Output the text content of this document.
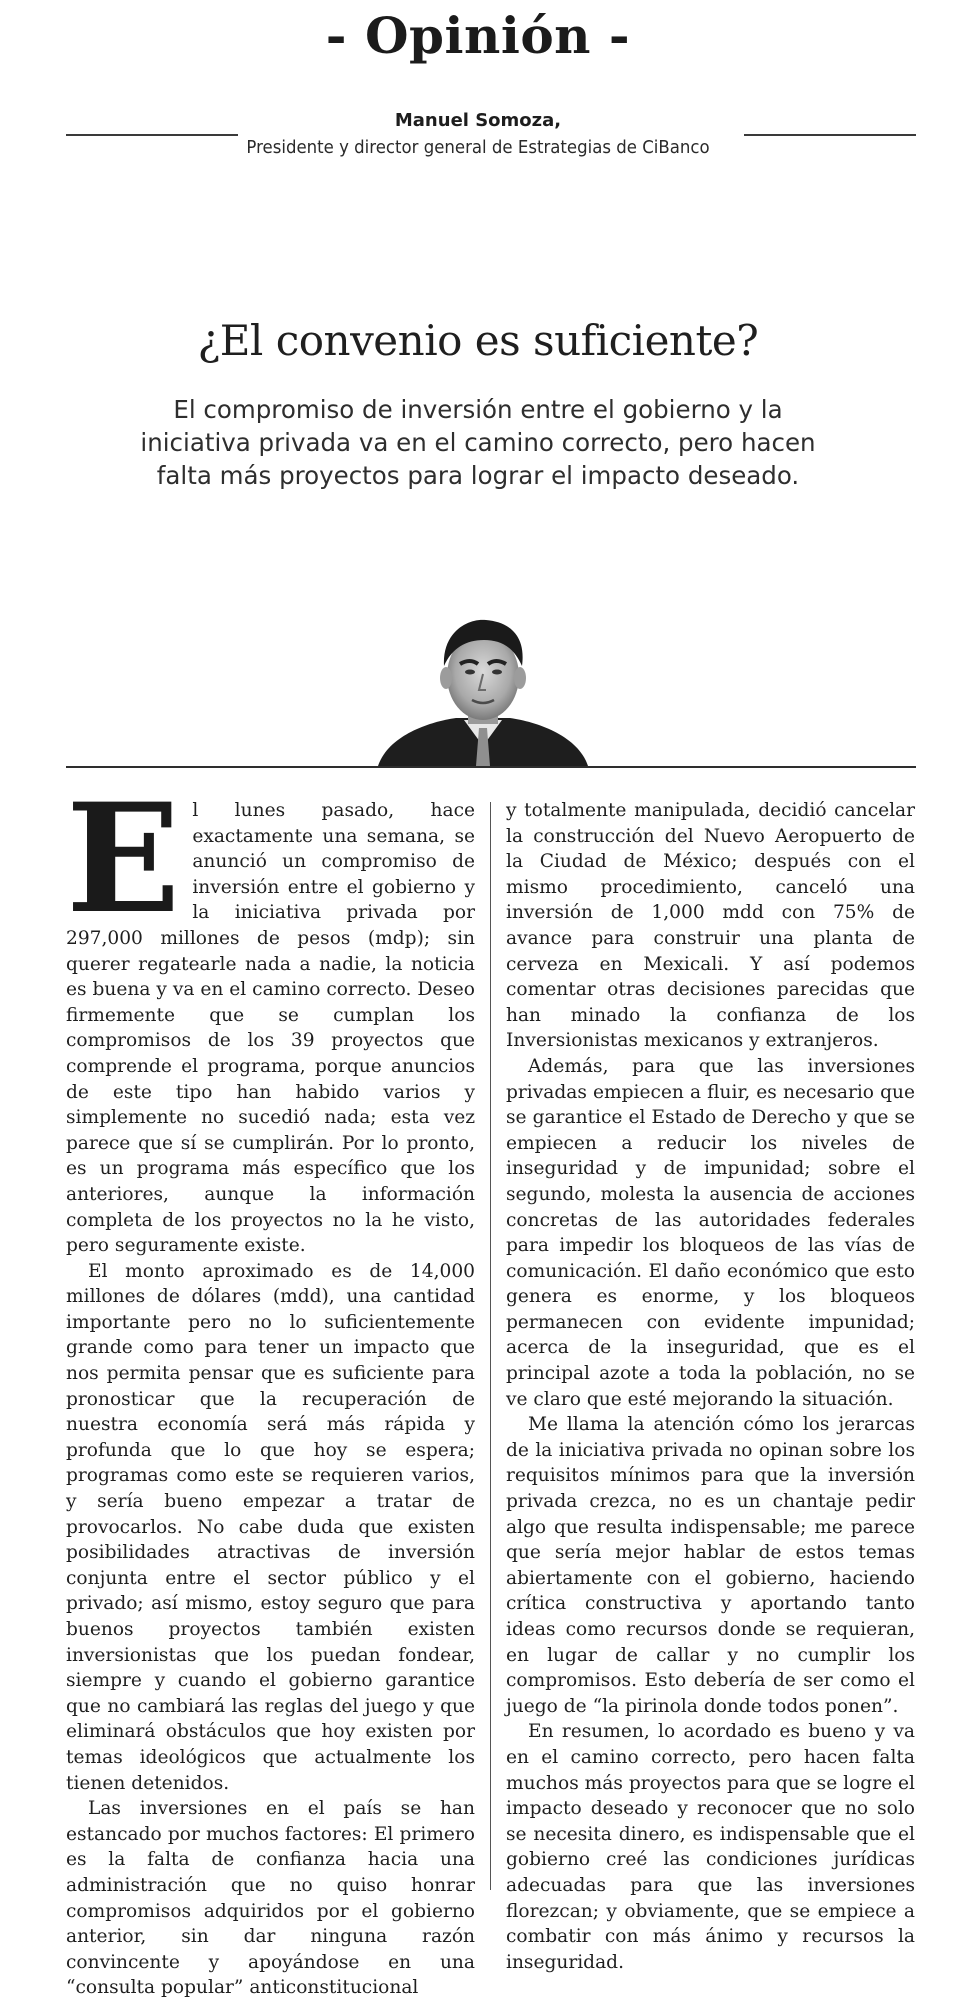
- Opinión -
Manuel Somoza,
Presidente y director general de Estrategias de CiBanco
¿El convenio es suficiente?
El compromiso de inversión entre el gobierno y la iniciativa privada va en el camino correcto, pero hacen falta más proyectos para lograr el impacto deseado.

El lunes pasado, hace exactamente una semana, se anunció un compromiso de inversión entre el gobierno y la iniciativa privada por 297,000 millones de pesos (mdp); sin querer regatearle nada a nadie, la noticia es buena y va en el camino correcto. Deseo firmemente que se cumplan los compromisos de los 39 proyectos que comprende el programa, porque anuncios de este tipo han habido varios y simplemente no sucedió nada; esta vez parece que sí se cumplirán. Por lo pronto, es un programa más específico que los anteriores, aunque la información completa de los proyectos no la he visto, pero seguramente existe.

El monto aproximado es de 14,000 millones de dólares (mdd), una cantidad importante pero no lo suficientemente grande como para tener un impacto que nos permita pensar que es suficiente para pronosticar que la recuperación de nuestra economía será más rápida y profunda que lo que hoy se espera; programas como este se requieren varios, y sería bueno empezar a tratar de provocarlos. No cabe duda que existen posibilidades atractivas de inversión conjunta entre el sector público y el privado; así mismo, estoy seguro que para buenos proyectos también existen inversionistas que los puedan fondear, siempre y cuando el gobierno garantice que no cambiará las reglas del juego y que eliminará obstáculos que hoy existen por temas ideológicos que actualmente los tienen detenidos.

Las inversiones en el país se han estancado por muchos factores: El primero es la falta de confianza hacia una administración que no quiso honrar compromisos adquiridos por el gobierno anterior, sin dar ninguna razón convincente y apoyándose en una “consulta popular” anticonstitucional

y totalmente manipulada, decidió cancelar la construcción del Nuevo Aeropuerto de la Ciudad de México; después con el mismo procedimiento, canceló una inversión de 1,000 mdd con 75% de avance para construir una planta de cerveza en Mexicali. Y así podemos comentar otras decisiones parecidas que han minado la confianza de los Inversionistas mexicanos y extranjeros.

Además, para que las inversiones privadas empiecen a fluir, es necesario que se garantice el Estado de Derecho y que se empiecen a reducir los niveles de inseguridad y de impunidad; sobre el segundo, molesta la ausencia de acciones concretas de las autoridades federales para impedir los bloqueos de las vías de comunicación. El daño económico que esto genera es enorme, y los bloqueos permanecen con evidente impunidad; acerca de la inseguridad, que es el principal azote a toda la población, no se ve claro que esté mejorando la situación.

Me llama la atención cómo los jerarcas de la iniciativa privada no opinan sobre los requisitos mínimos para que la inversión privada crezca, no es un chantaje pedir algo que resulta indispensable; me parece que sería mejor hablar de estos temas abiertamente con el gobierno, haciendo crítica constructiva y aportando tanto ideas como recursos donde se requieran, en lugar de callar y no cumplir los compromisos. Esto debería de ser como el juego de “la pirinola donde todos ponen”.

En resumen, lo acordado es bueno y va en el camino correcto, pero hacen falta muchos más proyectos para que se logre el impacto deseado y reconocer que no solo se necesita dinero, es indispensable que el gobierno creé las condiciones jurídicas adecuadas para que las inversiones florezcan; y obviamente, que se empiece a combatir con más ánimo y recursos la inseguridad.
